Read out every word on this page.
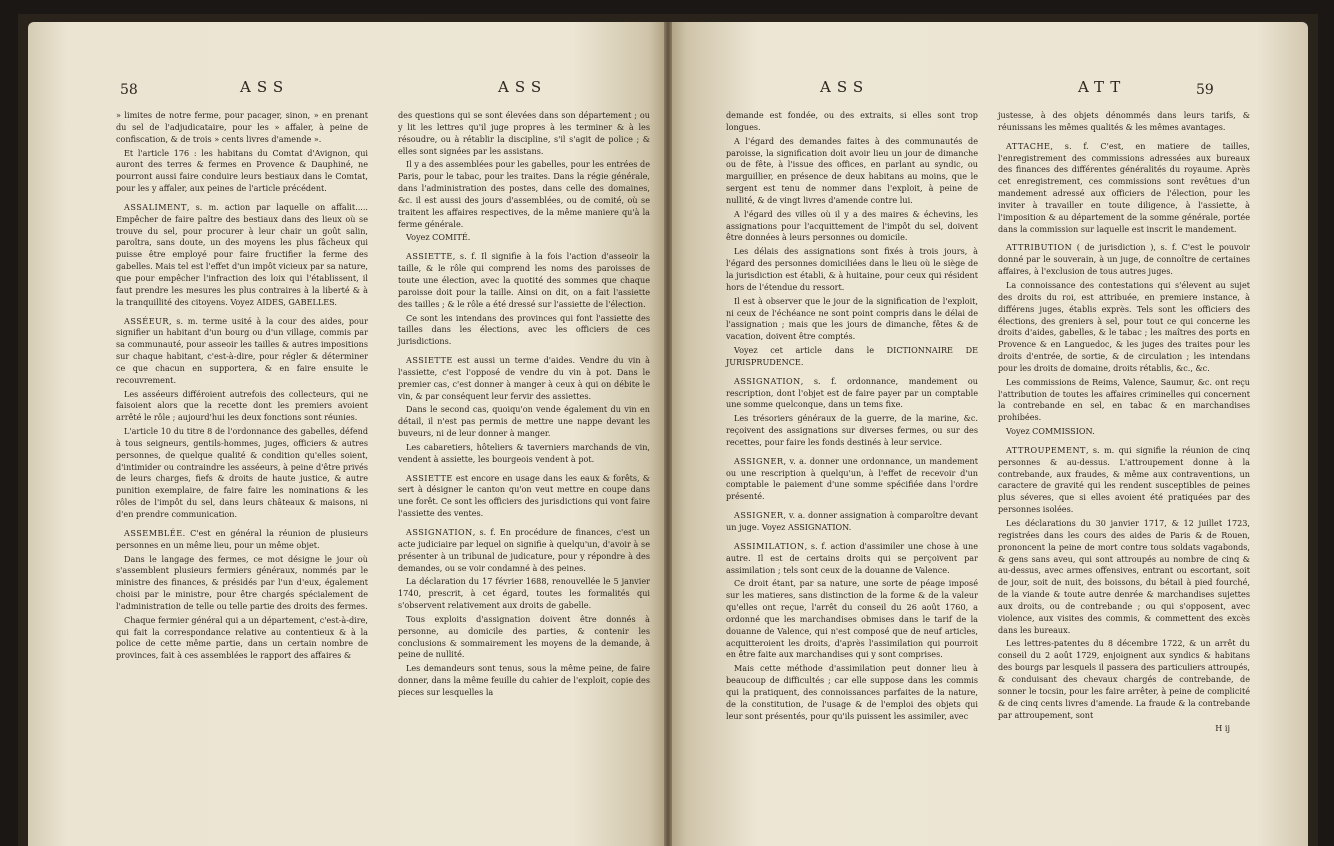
58	ASS	ASS

» limites de notre ferme, pour pacager, sinon, » en prenant du sel de l'adjudicataire, pour les » affaler, à peine de confiscation, & de trois » cents livres d'amende ».

Et l'article 176 : les habitans du Comtat d'Avignon, qui auront des terres & fermes en Provence & Dauphiné, ne pourront aussi faire conduire leurs bestiaux dans le Comtat, pour les y affaler, aux peines de l'article précédent.

ASSALIMENT, s. m. action par laquelle on affalit..... Empêcher de faire paître des bestiaux dans des lieux où se trouve du sel, pour procurer à leur chair un goût salin, paroîtra, sans doute, un des moyens les plus fâcheux qui puisse être employé pour faire fructifier la ferme des gabelles. Mais tel est l'effet d'un impôt vicieux par sa nature, que pour empêcher l'infraction des loix qui l'établissent, il faut prendre les mesures les plus contraires à la liberté & à la tranquillité des citoyens. Voyez AIDES, GABELLES.

ASSÉEUR, s. m. terme usité à la cour des aides, pour signifier un habitant d'un bourg ou d'un village, commis par sa communauté, pour asseoir les tailles & autres impositions sur chaque habitant, c'est-à-dire, pour régler & déterminer ce que chacun en supportera, & en faire ensuite le recouvrement.

Les asséeurs différoient autrefois des collecteurs, qui ne faisoient alors que la recette dont les premiers avoient arrêté le rôle ; aujourd'hui les deux fonctions sont réunies.

L'article 10 du titre 8 de l'ordonnance des gabelles, défend à tous seigneurs, gentils-hommes, juges, officiers & autres personnes, de quelque qualité & condition qu'elles soient, d'intimider ou contraindre les asséeurs, à peine d'être privés de leurs charges, fiefs & droits de haute justice, & autre punition exemplaire, de faire faire les nominations & les rôles de l'impôt du sel, dans leurs châteaux & maisons, ni d'en prendre communication.

ASSEMBLÉE. C'est en général la réunion de plusieurs personnes en un même lieu, pour un même objet.

Dans le langage des fermes, ce mot désigne le jour où s'assemblent plusieurs fermiers généraux, nommés par le ministre des finances, & présidés par l'un d'eux, également choisi par le ministre, pour être chargés spécialement de l'administration de telle ou telle partie des droits des fermes.

Chaque fermier général qui a un département, c'est-à-dire, qui fait la correspondance relative au contentieux & à la police de cette même partie, dans un certain nombre de provinces, fait à ces assemblées le rapport des affaires &

des questions qui se sont élevées dans son département ; ou y lit les lettres qu'il juge propres à les terminer & à les résoudre, ou à rétablir la discipline, s'il s'agit de police ; & elles sont signées par les assistans.

Il y a des assemblées pour les gabelles, pour les entrées de Paris, pour le tabac, pour les traites. Dans la régie générale, dans l'administration des postes, dans celle des domaines, &c. il est aussi des jours d'assemblées, ou de comité, où se traitent les affaires respectives, de la même maniere qu'à la ferme générale.

Voyez COMITÉ.

ASSIETTE, s. f. Il signifie à la fois l'action d'asseoir la taille, & le rôle qui comprend les noms des paroisses de toute une élection, avec la quotité des sommes que chaque paroisse doit pour la taille. Ainsi on dit, on a fait l'assiette des tailles ; & le rôle a été dressé sur l'assiette de l'élection.

Ce sont les intendans des provinces qui font l'assiette des tailles dans les élections, avec les officiers de ces jurisdictions.

ASSIETTE est aussi un terme d'aides. Vendre du vin à l'assiette, c'est l'opposé de vendre du vin à pot. Dans le premier cas, c'est donner à manger à ceux à qui on débite le vin, & par conséquent leur fervir des assiettes.

Dans le second cas, quoiqu'on vende également du vin en détail, il n'est pas permis de mettre une nappe devant les buveurs, ni de leur donner à manger.

Les cabaretiers, hôteliers & taverniers marchands de vin, vendent à assiette, les bourgeois vendent à pot.

ASSIETTE est encore en usage dans les eaux & forêts, & sert à désigner le canton qu'on veut mettre en coupe dans une forêt. Ce sont les officiers des jurisdictions qui vont faire l'assiette des ventes.

ASSIGNATION, s. f. En procédure de finances, c'est un acte judiciaire par lequel on signifie à quelqu'un, d'avoir à se présenter à un tribunal de judicature, pour y répondre à des demandes, ou se voir condamné à des peines.

La déclaration du 17 février 1688, renouvellée le 5 janvier 1740, prescrit, à cet égard, toutes les formalités qui s'observent relativement aux droits de gabelle.

Tous exploits d'assignation doivent être donnés à personne, au domicile des parties, & contenir les conclusions & sommairement les moyens de la demande, à peine de nullité.

Les demandeurs sont tenus, sous la même peine, de faire donner, dans la même feuille du cahier de l'exploit, copie des pieces sur lesquelles la

ASS	ATT	59

demande est fondée, ou des extraits, si elles sont trop longues.

A l'égard des demandes faites à des communautés de paroisse, la signification doit avoir lieu un jour de dimanche ou de fête, à l'issue des offices, en parlant au syndic, ou marguillier, en présence de deux habitans au moins, que le sergent est tenu de nommer dans l'exploit, à peine de nullité, & de vingt livres d'amende contre lui.

A l'égard des villes où il y a des maires & échevins, les assignations pour l'acquittement de l'impôt du sel, doivent être données à leurs personnes ou domicile.

Les délais des assignations sont fixés à trois jours, à l'égard des personnes domiciliées dans le lieu où le siège de la jurisdiction est établi, & à huitaine, pour ceux qui résident hors de l'étendue du ressort.

Il est à observer que le jour de la signification de l'exploit, ni ceux de l'échéance ne sont point compris dans le délai de l'assignation ; mais que les jours de dimanche, fêtes & de vacation, doivent être comptés.

Voyez cet article dans le DICTIONNAIRE DE JURISPRUDENCE.

ASSIGNATION, s. f. ordonnance, mandement ou rescription, dont l'objet est de faire payer par un comptable une somme quelconque, dans un tems fixe.

Les trésoriers généraux de la guerre, de la marine, &c. reçoivent des assignations sur diverses fermes, ou sur des recettes, pour faire les fonds destinés à leur service.

ASSIGNER, v. a. donner une ordonnance, un mandement ou une rescription à quelqu'un, à l'effet de recevoir d'un comptable le paiement d'une somme spécifiée dans l'ordre présenté.

ASSIGNER, v. a. donner assignation à comparoître devant un juge. Voyez ASSIGNATION.

ASSIMILATION, s. f. action d'assimiler une chose à une autre. Il est de certains droits qui se perçoivent par assimilation ; tels sont ceux de la douanne de Valence.

Ce droit étant, par sa nature, une sorte de péage imposé sur les matieres, sans distinction de la forme & de la valeur qu'elles ont reçue, l'arrêt du conseil du 26 août 1760, a ordonné que les marchandises obmises dans le tarif de la douanne de Valence, qui n'est composé que de neuf articles, acquitteroient les droits, d'après l'assimilation qui pourroit en être faite aux marchandises qui y sont comprises.

Mais cette méthode d'assimilation peut donner lieu à beaucoup de difficultés ; car elle suppose dans les commis qui la pratiquent, des connoissances parfaites de la nature, de la constitution, de l'usage & de l'emploi des objets qui leur sont présentés, pour qu'ils puissent les assimiler, avec

justesse, à des objets dénommés dans leurs tarifs, & réunissans les mêmes qualités & les mêmes avantages.

ATTACHE, s. f. C'est, en matiere de tailles, l'enregistrement des commissions adressées aux bureaux des finances des différentes généralités du royaume. Après cet enregistrement, ces commissions sont revêtues d'un mandement adressé aux officiers de l'élection, pour les inviter à travailler en toute diligence, à l'assiette, à l'imposition & au département de la somme générale, portée dans la commission sur laquelle est inscrit le mandement.

ATTRIBUTION ( de jurisdiction ), s. f. C'est le pouvoir donné par le souverain, à un juge, de connoître de certaines affaires, à l'exclusion de tous autres juges.

La connoissance des contestations qui s'élevent au sujet des droits du roi, est attribuée, en premiere instance, à différens juges, établis exprès. Tels sont les officiers des élections, des greniers à sel, pour tout ce qui concerne les droits d'aides, gabelles, & le tabac ; les maîtres des ports en Provence & en Languedoc, & les juges des traites pour les droits d'entrée, de sortie, & de circulation ; les intendans pour les droits de domaine, droits rétablis, &c., &c.

Les commissions de Reims, Valence, Saumur, &c. ont reçu l'attribution de toutes les affaires criminelles qui concernent la contrebande en sel, en tabac & en marchandises prohibées.

Voyez COMMISSION.

ATTROUPEMENT, s. m. qui signifie la réunion de cinq personnes & au-dessus. L'attroupement donne à la contrebande, aux fraudes, & même aux contraventions, un caractere de gravité qui les rendent susceptibles de peines plus séveres, que si elles avoient été pratiquées par des personnes isolées.

Les déclarations du 30 janvier 1717, & 12 juillet 1723, registrées dans les cours des aides de Paris & de Rouen, prononcent la peine de mort contre tous soldats vagabonds, & gens sans aveu, qui sont attroupés au nombre de cinq & au-dessus, avec armes offensives, entrant ou escortant, soit de jour, soit de nuit, des boissons, du bétail à pied fourché, de la viande & toute autre denrée & marchandises sujettes aux droits, ou de contrebande ; ou qui s'opposent, avec violence, aux visites des commis, & commettent des excès dans les bureaux.

Les lettres-patentes du 8 décembre 1722, & un arrêt du conseil du 2 août 1729, enjoignent aux syndics & habitans des bourgs par lesquels il passera des particuliers attroupés, & conduisant des chevaux chargés de contrebande, de sonner le tocsin, pour les faire arrêter, à peine de complicité & de cinq cents livres d'amende. La fraude & la contrebande par attroupement, sont

H ij
